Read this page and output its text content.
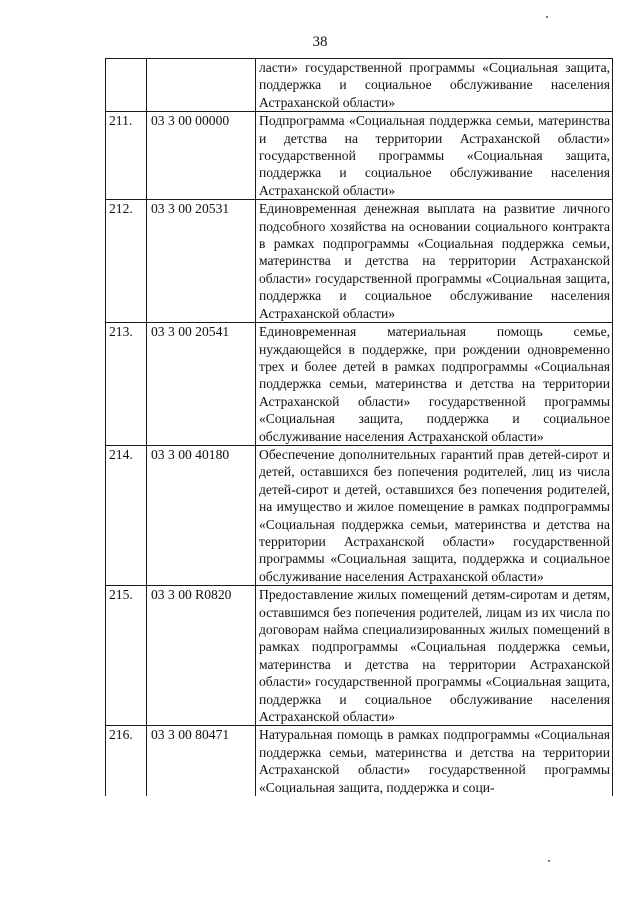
38
		ласти» государственной программы «Социальная защита, поддержка и социальное обслуживание населения Астраханской области»
211.	03 3 00 00000	Подпрограмма «Социальная поддержка семьи, материнства и детства на территории Астраханской области» государственной программы «Социальная защита, поддержка и социальное обслуживание населения Астраханской области»
212.	03 3 00 20531	Единовременная денежная выплата на развитие личного подсобного хозяйства на основании социального контракта в рамках подпрограммы «Социальная поддержка семьи, материнства и детства на территории Астраханской области» государственной программы «Социальная защита, поддержка и социальное обслуживание населения Астраханской области»
213.	03 3 00 20541	Единовременная материальная помощь семье, нуждающейся в поддержке, при рождении одновременно трех и более детей в рамках подпрограммы «Социальная поддержка семьи, материнства и детства на территории Астраханской области» государственной программы «Социальная защита, поддержка и социальное обслуживание населения Астраханской области»
214.	03 3 00 40180	Обеспечение дополнительных гарантий прав детей-сирот и детей, оставшихся без попечения родителей, лиц из числа детей-сирот и детей, оставшихся без попечения родителей, на имущество и жилое помещение в рамках подпрограммы «Социальная поддержка семьи, материнства и детства на территории Астраханской области» государственной программы «Социальная защита, поддержка и социальное обслуживание населения Астраханской области»
215.	03 3 00 R0820	Предоставление жилых помещений детям-сиротам и детям, оставшимся без попечения родителей, лицам из их числа по договорам найма специализированных жилых помещений в рамках подпрограммы «Социальная поддержка семьи, материнства и детства на территории Астраханской области» государственной программы «Социальная защита, поддержка и социальное обслуживание населения Астраханской области»
216.	03 3 00 80471	Натуральная помощь в рамках подпрограммы «Социальная поддержка семьи, материнства и детства на территории Астраханской области» государственной программы «Социальная защита, поддержка и соци-
